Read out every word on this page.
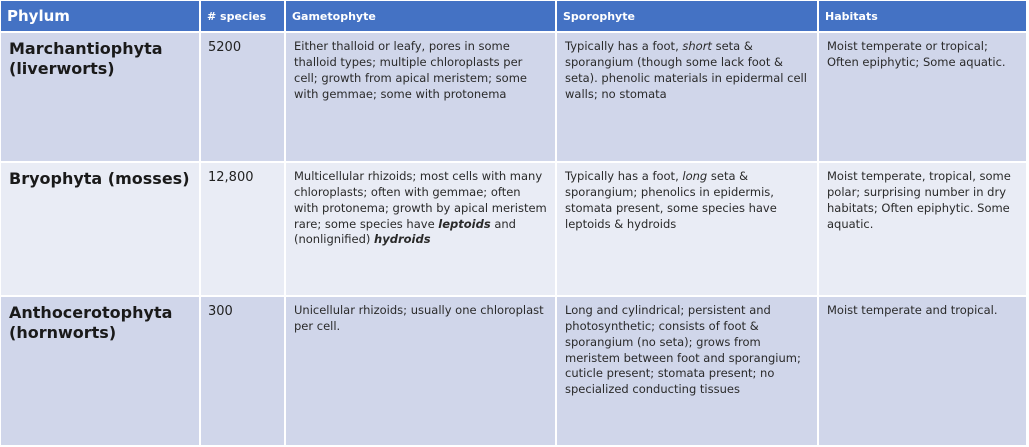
Phylum	# species	Gametophyte	Sporophyte	Habitats
Marchantiophyta (liverworts)	5200	Either thalloid or leafy, pores in some thalloid types; multiple chloroplasts per cell; growth from apical meristem; some with gemmae; some with protonema	Typically has a foot, short seta & sporangium (though some lack foot & seta). phenolic materials in epidermal cell walls; no stomata	Moist temperate or tropical; Often epiphytic; Some aquatic.
Bryophyta (mosses)	12,800	Multicellular rhizoids; most cells with many chloroplasts; often with gemmae; often with protonema; growth by apical meristem rare; some species have leptoids and (nonlignified) hydroids	Typically has a foot, long seta & sporangium; phenolics in epidermis, stomata present, some species have leptoids & hydroids	Moist temperate, tropical, some polar; surprising number in dry habitats; Often epiphytic. Some aquatic.
Anthocerotophyta (hornworts)	300	Unicellular rhizoids; usually one chloroplast per cell.	Long and cylindrical; persistent and photosynthetic; consists of foot & sporangium (no seta); grows from meristem between foot and sporangium; cuticle present; stomata present; no specialized conducting tissues	Moist temperate and tropical.
